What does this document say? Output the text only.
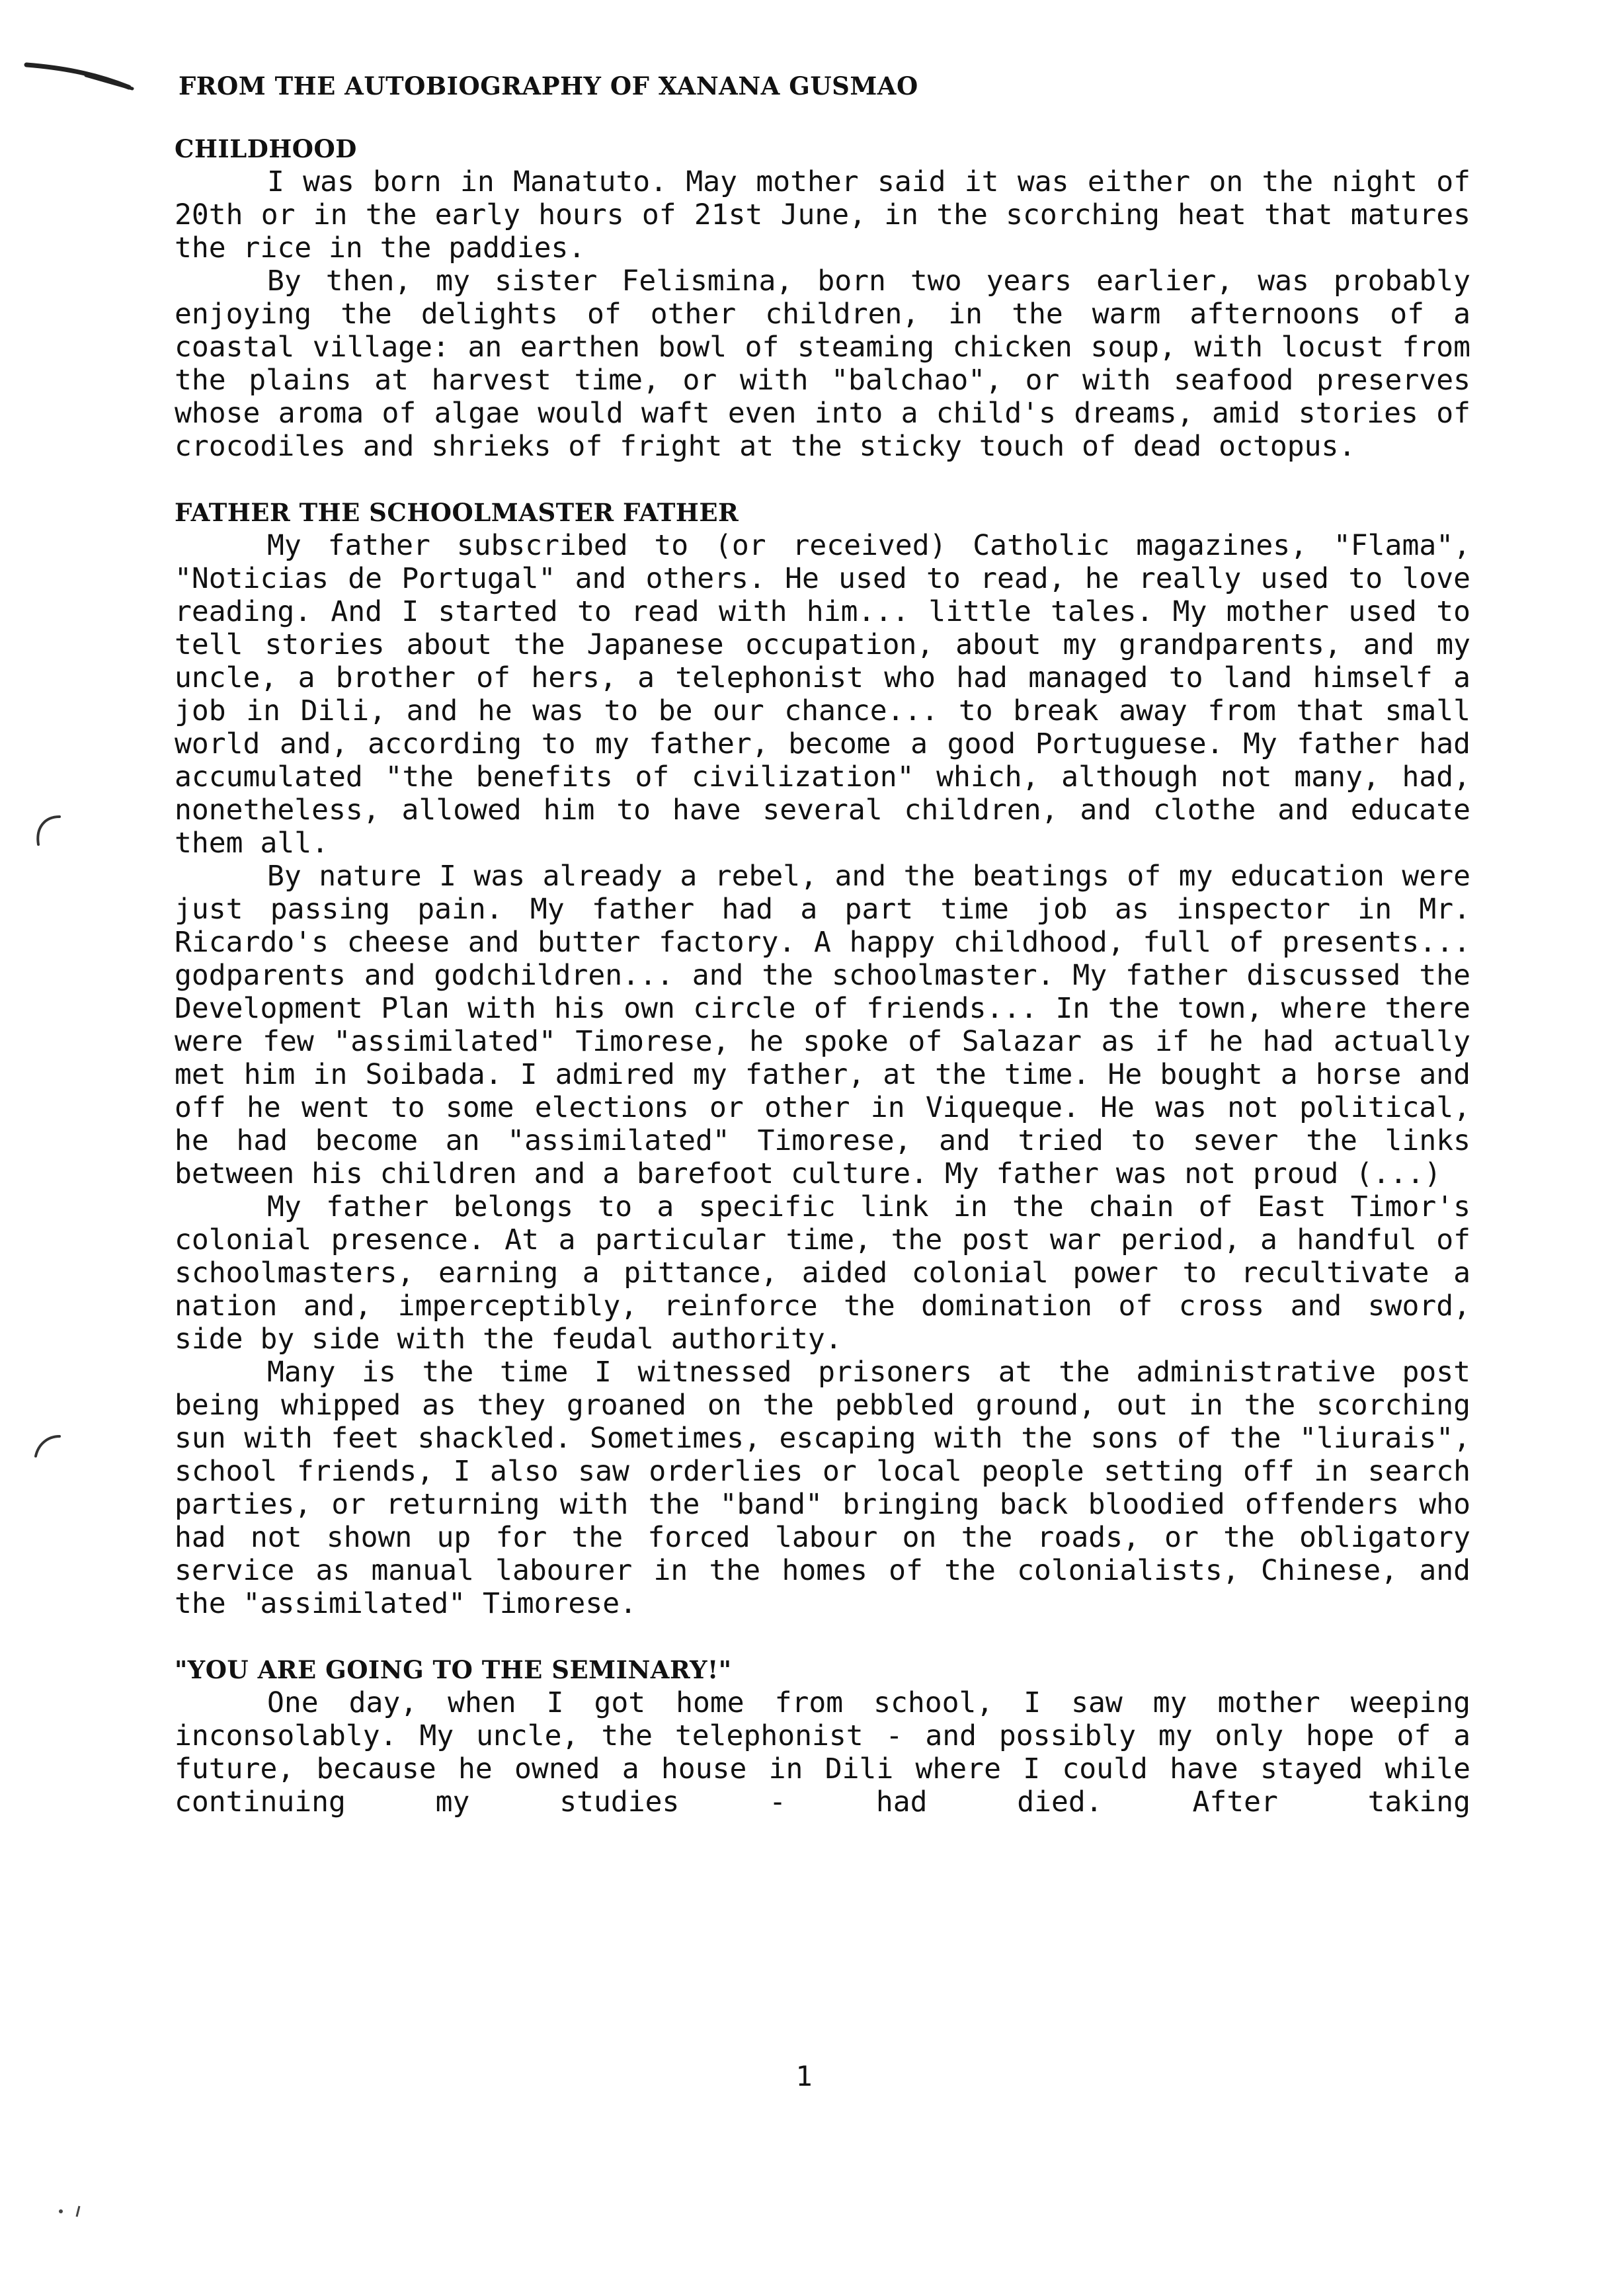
FROM THE AUTOBIOGRAPHY OF XANANA GUSMAO
CHILDHOOD

I was born in Manatuto. May mother said it was either on the night of 20th or in the early hours of 21st June, in the scorching heat that matures the rice in the paddies.

By then, my sister Felismina, born two years earlier, was probably enjoying the delights of other children, in the warm afternoons of a coastal village: an earthen bowl of steaming chicken soup, with locust from the plains at harvest time, or with "balchao", or with seafood preserves whose aroma of algae would waft even into a child's dreams, amid stories of crocodiles and shrieks of fright at the sticky touch of dead octopus.

FATHER THE SCHOOLMASTER FATHER

My father subscribed to (or received) Catholic magazines, "Flama", "Noticias de Portugal" and others. He used to read, he really used to love reading. And I started to read with him... little tales. My mother used to tell stories about the Japanese occupation, about my grandparents, and my uncle, a brother of hers, a telephonist who had managed to land himself a job in Dili, and he was to be our chance... to break away from that small world and, according to my father, become a good Portuguese. My father had accumulated "the benefits of civilization" which, although not many, had, nonetheless, allowed him to have several children, and clothe and educate them all.

By nature I was already a rebel, and the beatings of my education were just passing pain. My father had a part time job as inspector in Mr. Ricardo's cheese and butter factory. A happy childhood, full of presents... godparents and godchildren... and the schoolmaster. My father discussed the Development Plan with his own circle of friends... In the town, where there were few "assimilated" Timorese, he spoke of Salazar as if he had actually met him in Soibada. I admired my father, at the time. He bought a horse and off he went to some elections or other in Viqueque. He was not political, he had become an "assimilated" Timorese, and tried to sever the links between his children and a barefoot culture. My father was not proud (...)

My father belongs to a specific link in the chain of East Timor's colonial presence. At a particular time, the post war period, a handful of schoolmasters, earning a pittance, aided colonial power to recultivate a nation and, imperceptibly, reinforce the domination of cross and sword, side by side with the feudal authority.

Many is the time I witnessed prisoners at the administrative post being whipped as they groaned on the pebbled ground, out in the scorching sun with feet shackled. Sometimes, escaping with the sons of the "liurais", school friends, I also saw orderlies or local people setting off in search parties, or returning with the "band" bringing back bloodied offenders who had not shown up for the forced labour on the roads, or the obligatory service as manual labourer in the homes of the colonialists, Chinese, and the "assimilated" Timorese.

"YOU ARE GOING TO THE SEMINARY!"

One day, when I got home from school, I saw my mother weeping inconsolably. My uncle, the telephonist - and possibly my only hope of a future, because he owned a house in Dili where I could have stayed while continuing my studies - had died. After taking

1
